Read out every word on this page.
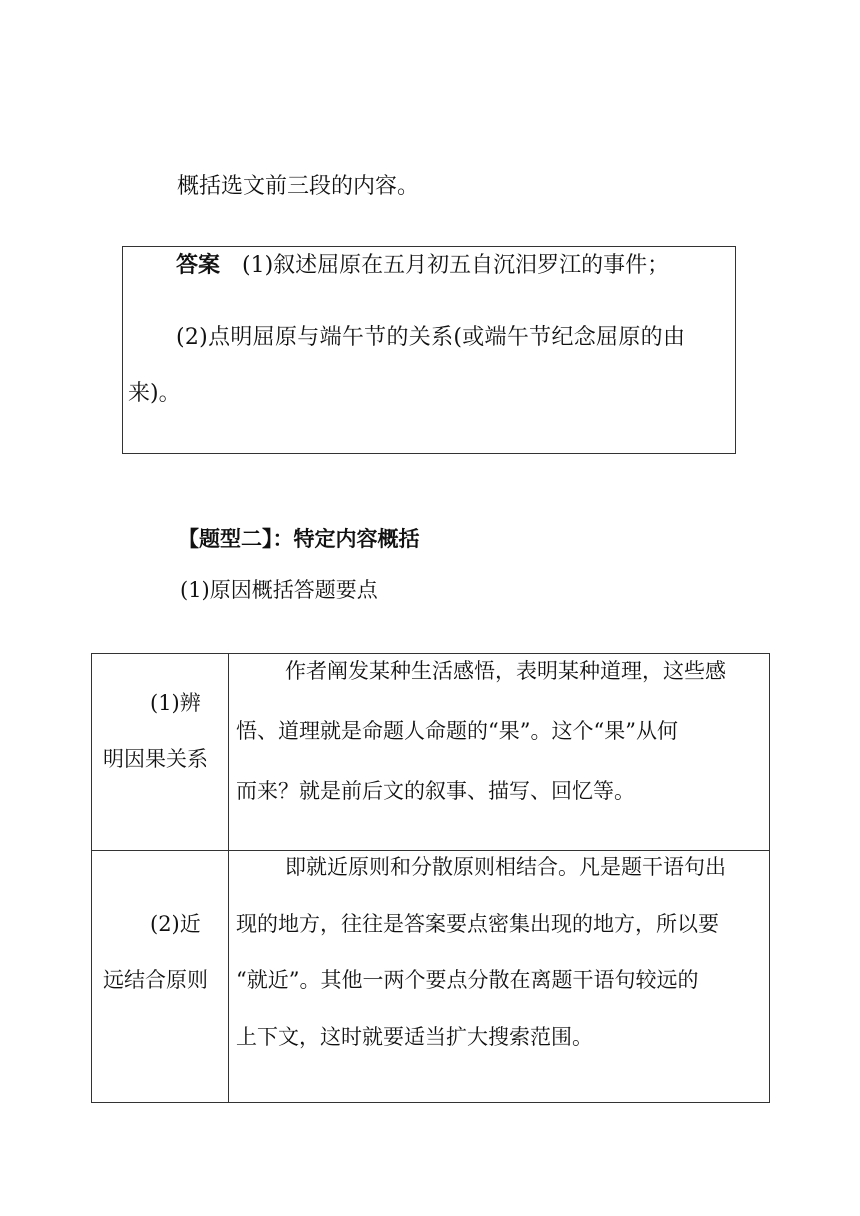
概括选文前三段的内容。
答案 (1)叙述屈原在五月初五自沉汨罗江的事件；
(2)点明屈原与端午节的关系(或端午节纪念屈原的由
来)。
【题型二】：特定内容概括
(1)原因概括答题要点
(1)辨
明因果关系
作者阐发某种生活感悟，表明某种道理，这些感
悟、道理就是命题人命题的“果”。这个“果”从何
而来？就是前后文的叙事、描写、回忆等。
(2)近
远结合原则
即就近原则和分散原则相结合。凡是题干语句出
现的地方，往往是答案要点密集出现的地方，所以要
“就近”。其他一两个要点分散在离题干语句较远的
上下文，这时就要适当扩大搜索范围。
